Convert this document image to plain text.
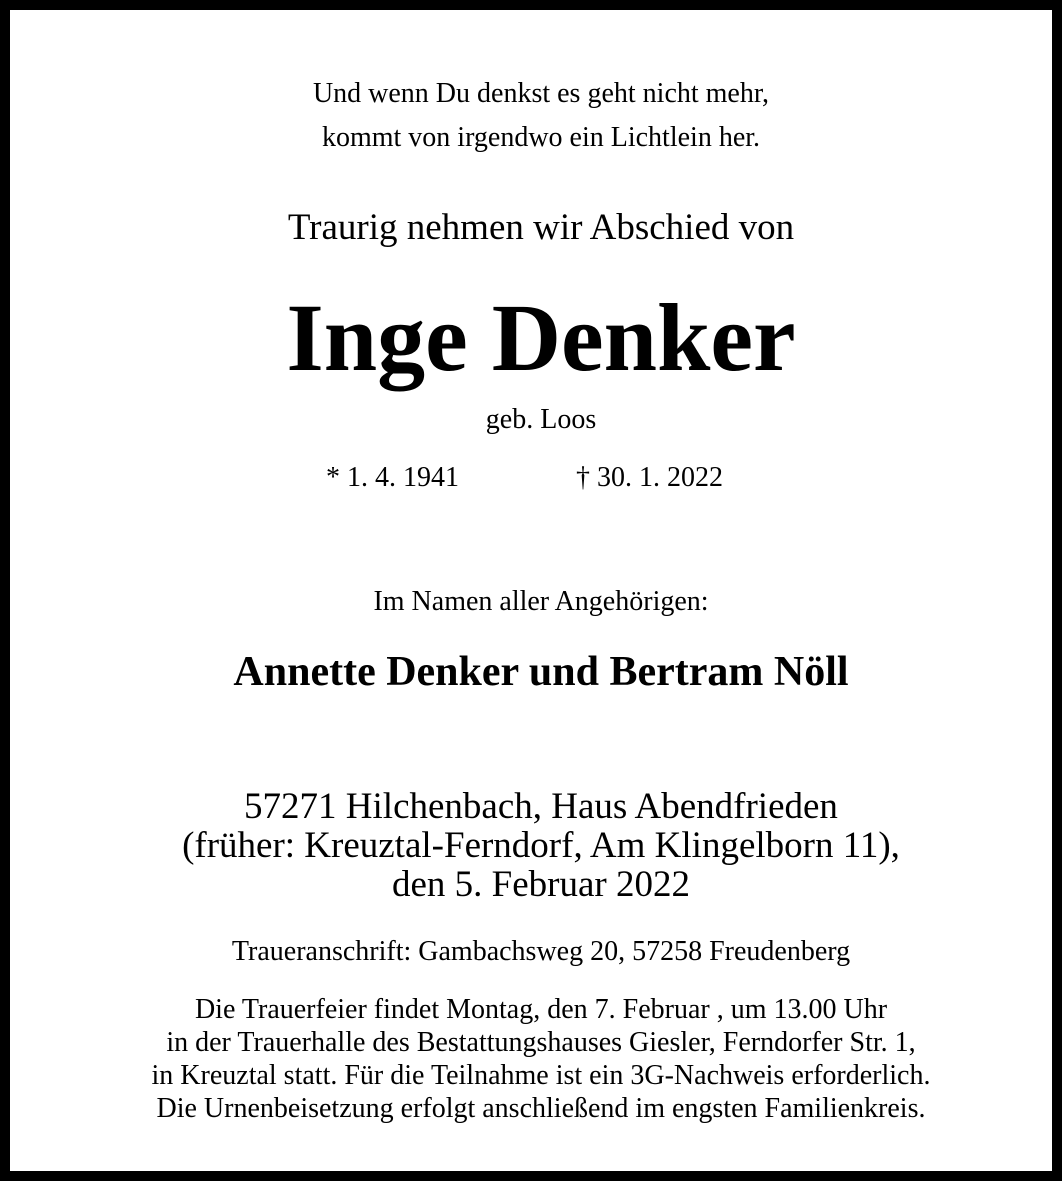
Und wenn Du denkst es geht nicht mehr,
kommt von irgendwo ein Lichtlein her.
Traurig nehmen wir Abschied von
Inge Denker
geb. Loos
* 1. 4. 1941	† 30. 1. 2022
Im Namen aller Angehörigen:
Annette Denker und Bertram Nöll
57271 Hilchenbach, Haus Abendfrieden
(früher: Kreuztal-Ferndorf, Am Klingelborn 11),
den 5. Februar 2022
Traueranschrift: Gambachsweg 20, 57258 Freudenberg
Die Trauerfeier findet Montag, den 7. Februar , um 13.00 Uhr
in der Trauerhalle des Bestattungshauses Giesler, Ferndorfer Str. 1,
in Kreuztal statt. Für die Teilnahme ist ein 3G-Nachweis erforderlich.
Die Urnenbeisetzung erfolgt anschließend im engsten Familienkreis.
